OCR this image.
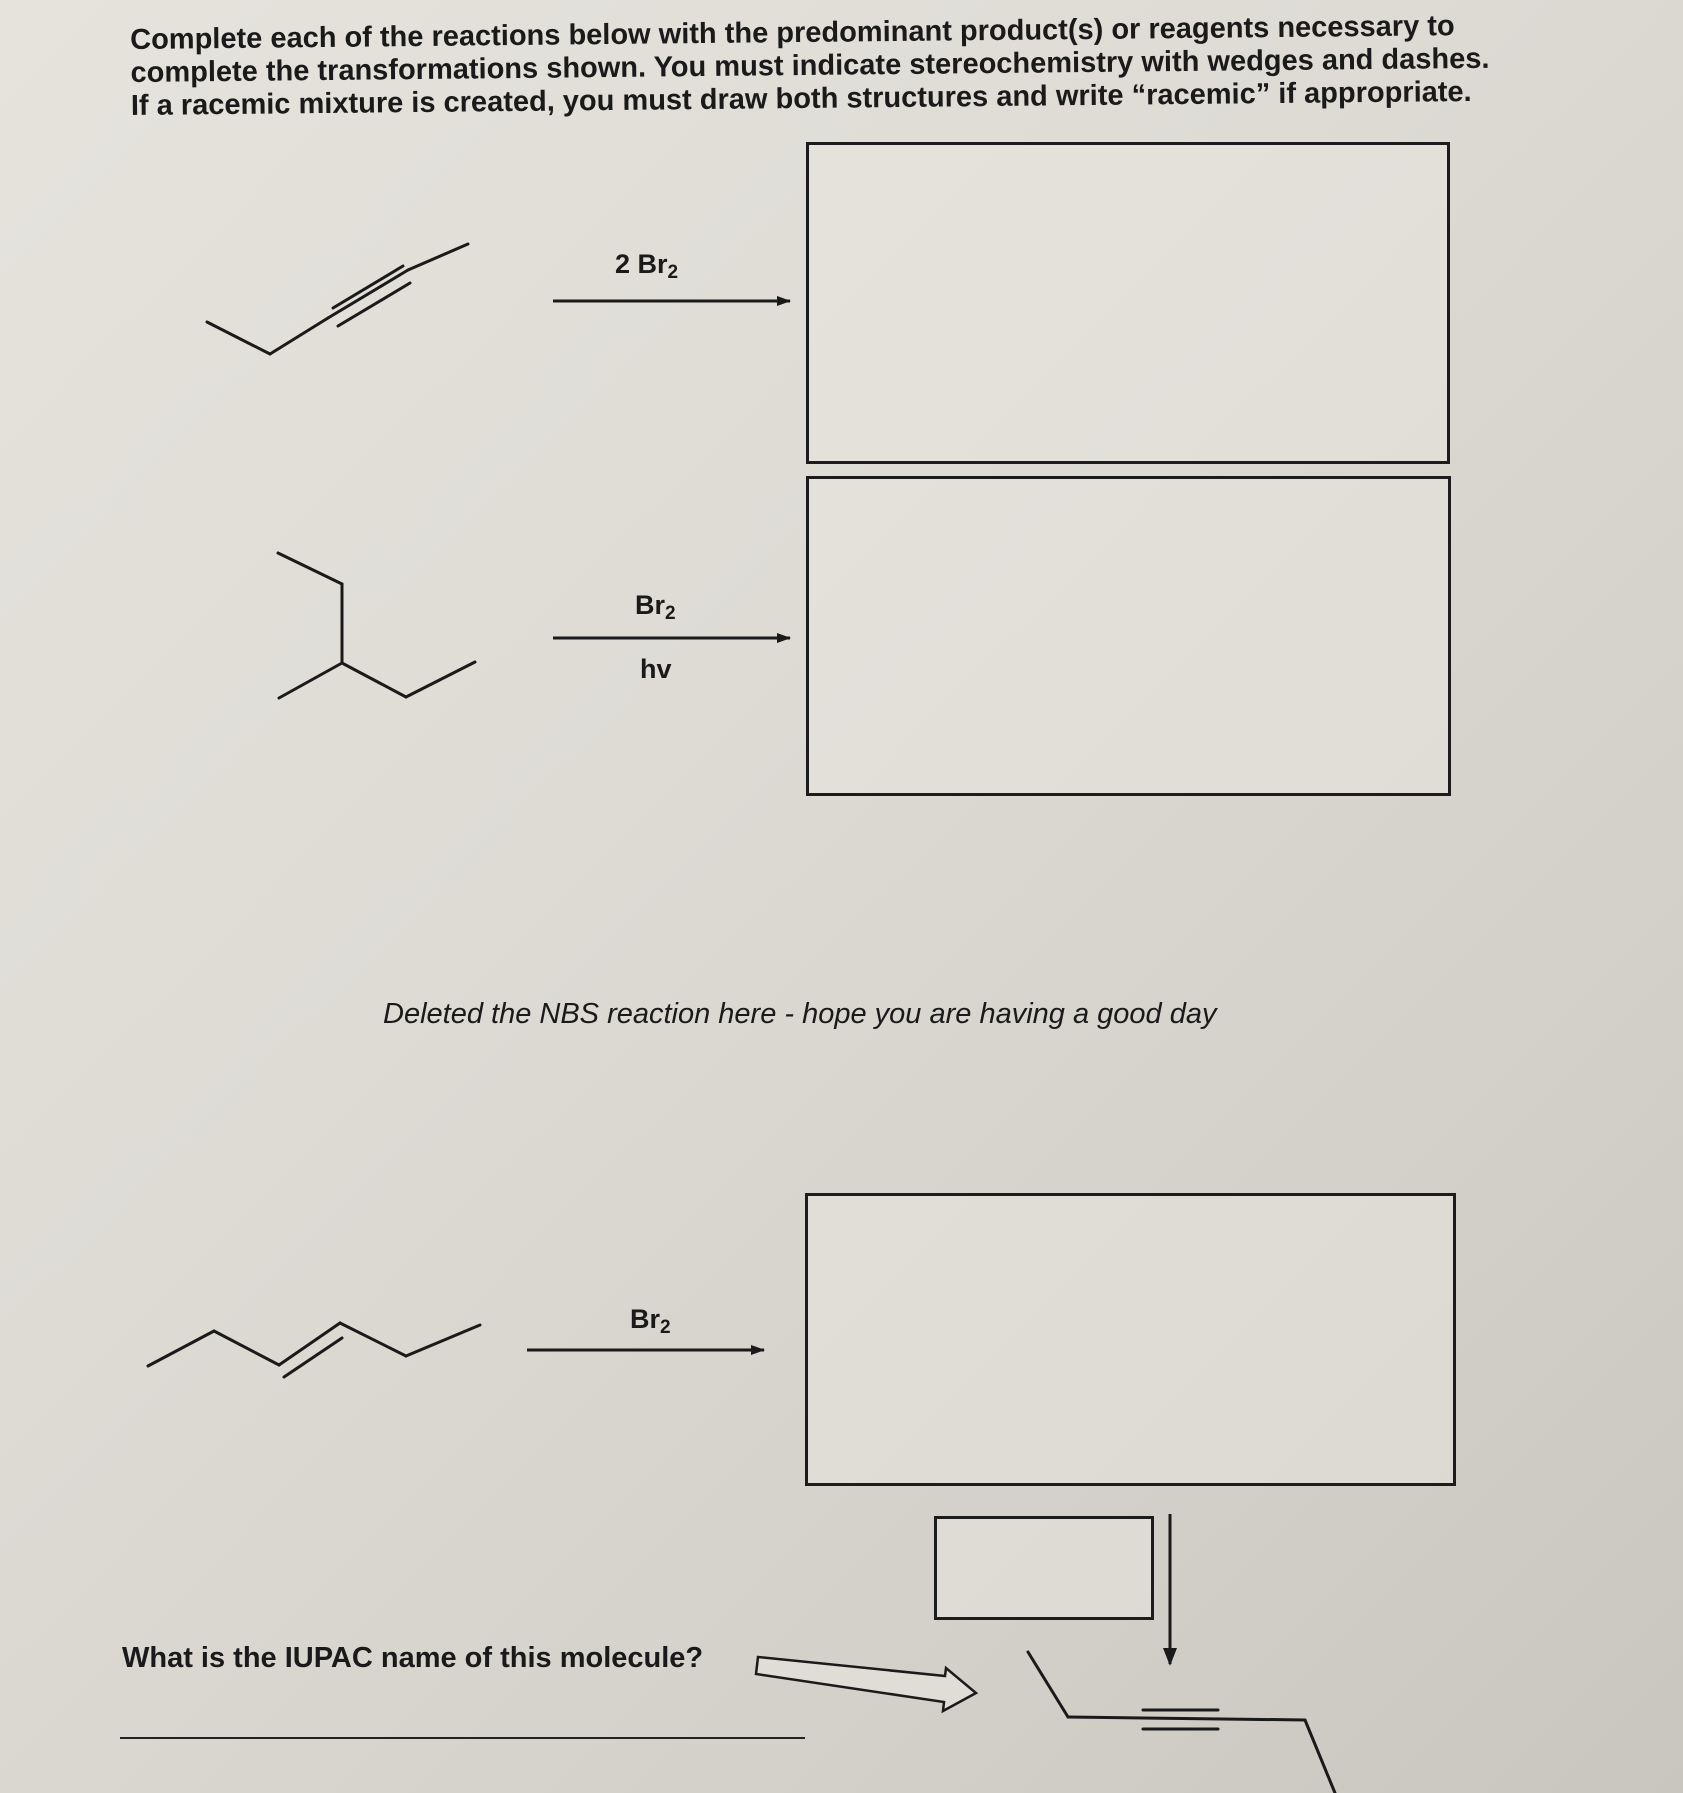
Complete each of the reactions below with the predominant product(s) or reagents necessary to
complete the transformations shown. You must indicate stereochemistry with wedges and dashes.
If a racemic mixture is created, you must draw both structures and write “racemic” if appropriate.
2 $Br_2$
$Br_2$
hv
Deleted the NBS reaction here - hope you are having a good day
$Br_2$
What is the IUPAC name of this molecule?
